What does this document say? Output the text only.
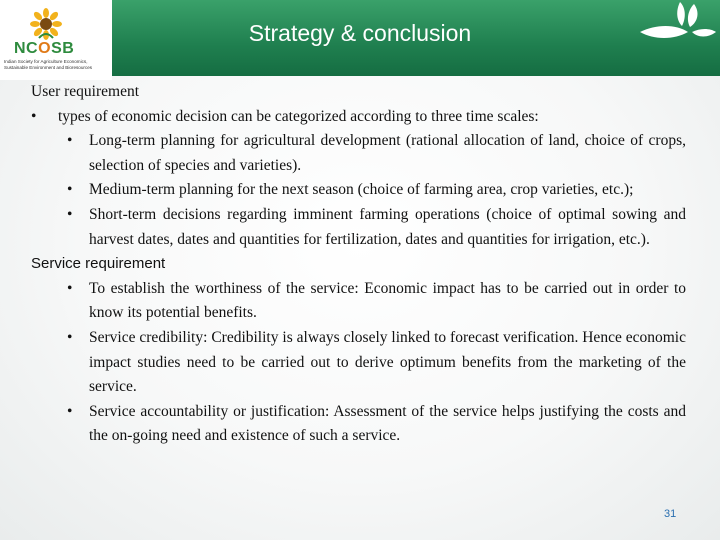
NCOSB
Indian Society for Agriculture Economics, Sustainable Environment and Bioresources
Strategy & conclusion
User requirement
• types of economic decision can be categorized according to three time scales:
• Long-term planning for agricultural development (rational allocation of land, choice of crops, selection of species and varieties).
• Medium-term planning for the next season (choice of farming area, crop varieties, etc.);
• Short-term decisions regarding imminent farming operations (choice of optimal sowing and harvest dates, dates and quantities for fertilization, dates and quantities for irrigation, etc.).
Service requirement
• To establish the worthiness of the service: Economic impact has to be carried out in order to know its potential benefits.
• Service credibility: Credibility is always closely linked to forecast verification. Hence economic impact studies need to be carried out to derive optimum benefits from the marketing of the service.
• Service accountability or justification: Assessment of the service helps justifying the costs and the on-going need and existence of such a service.
31
